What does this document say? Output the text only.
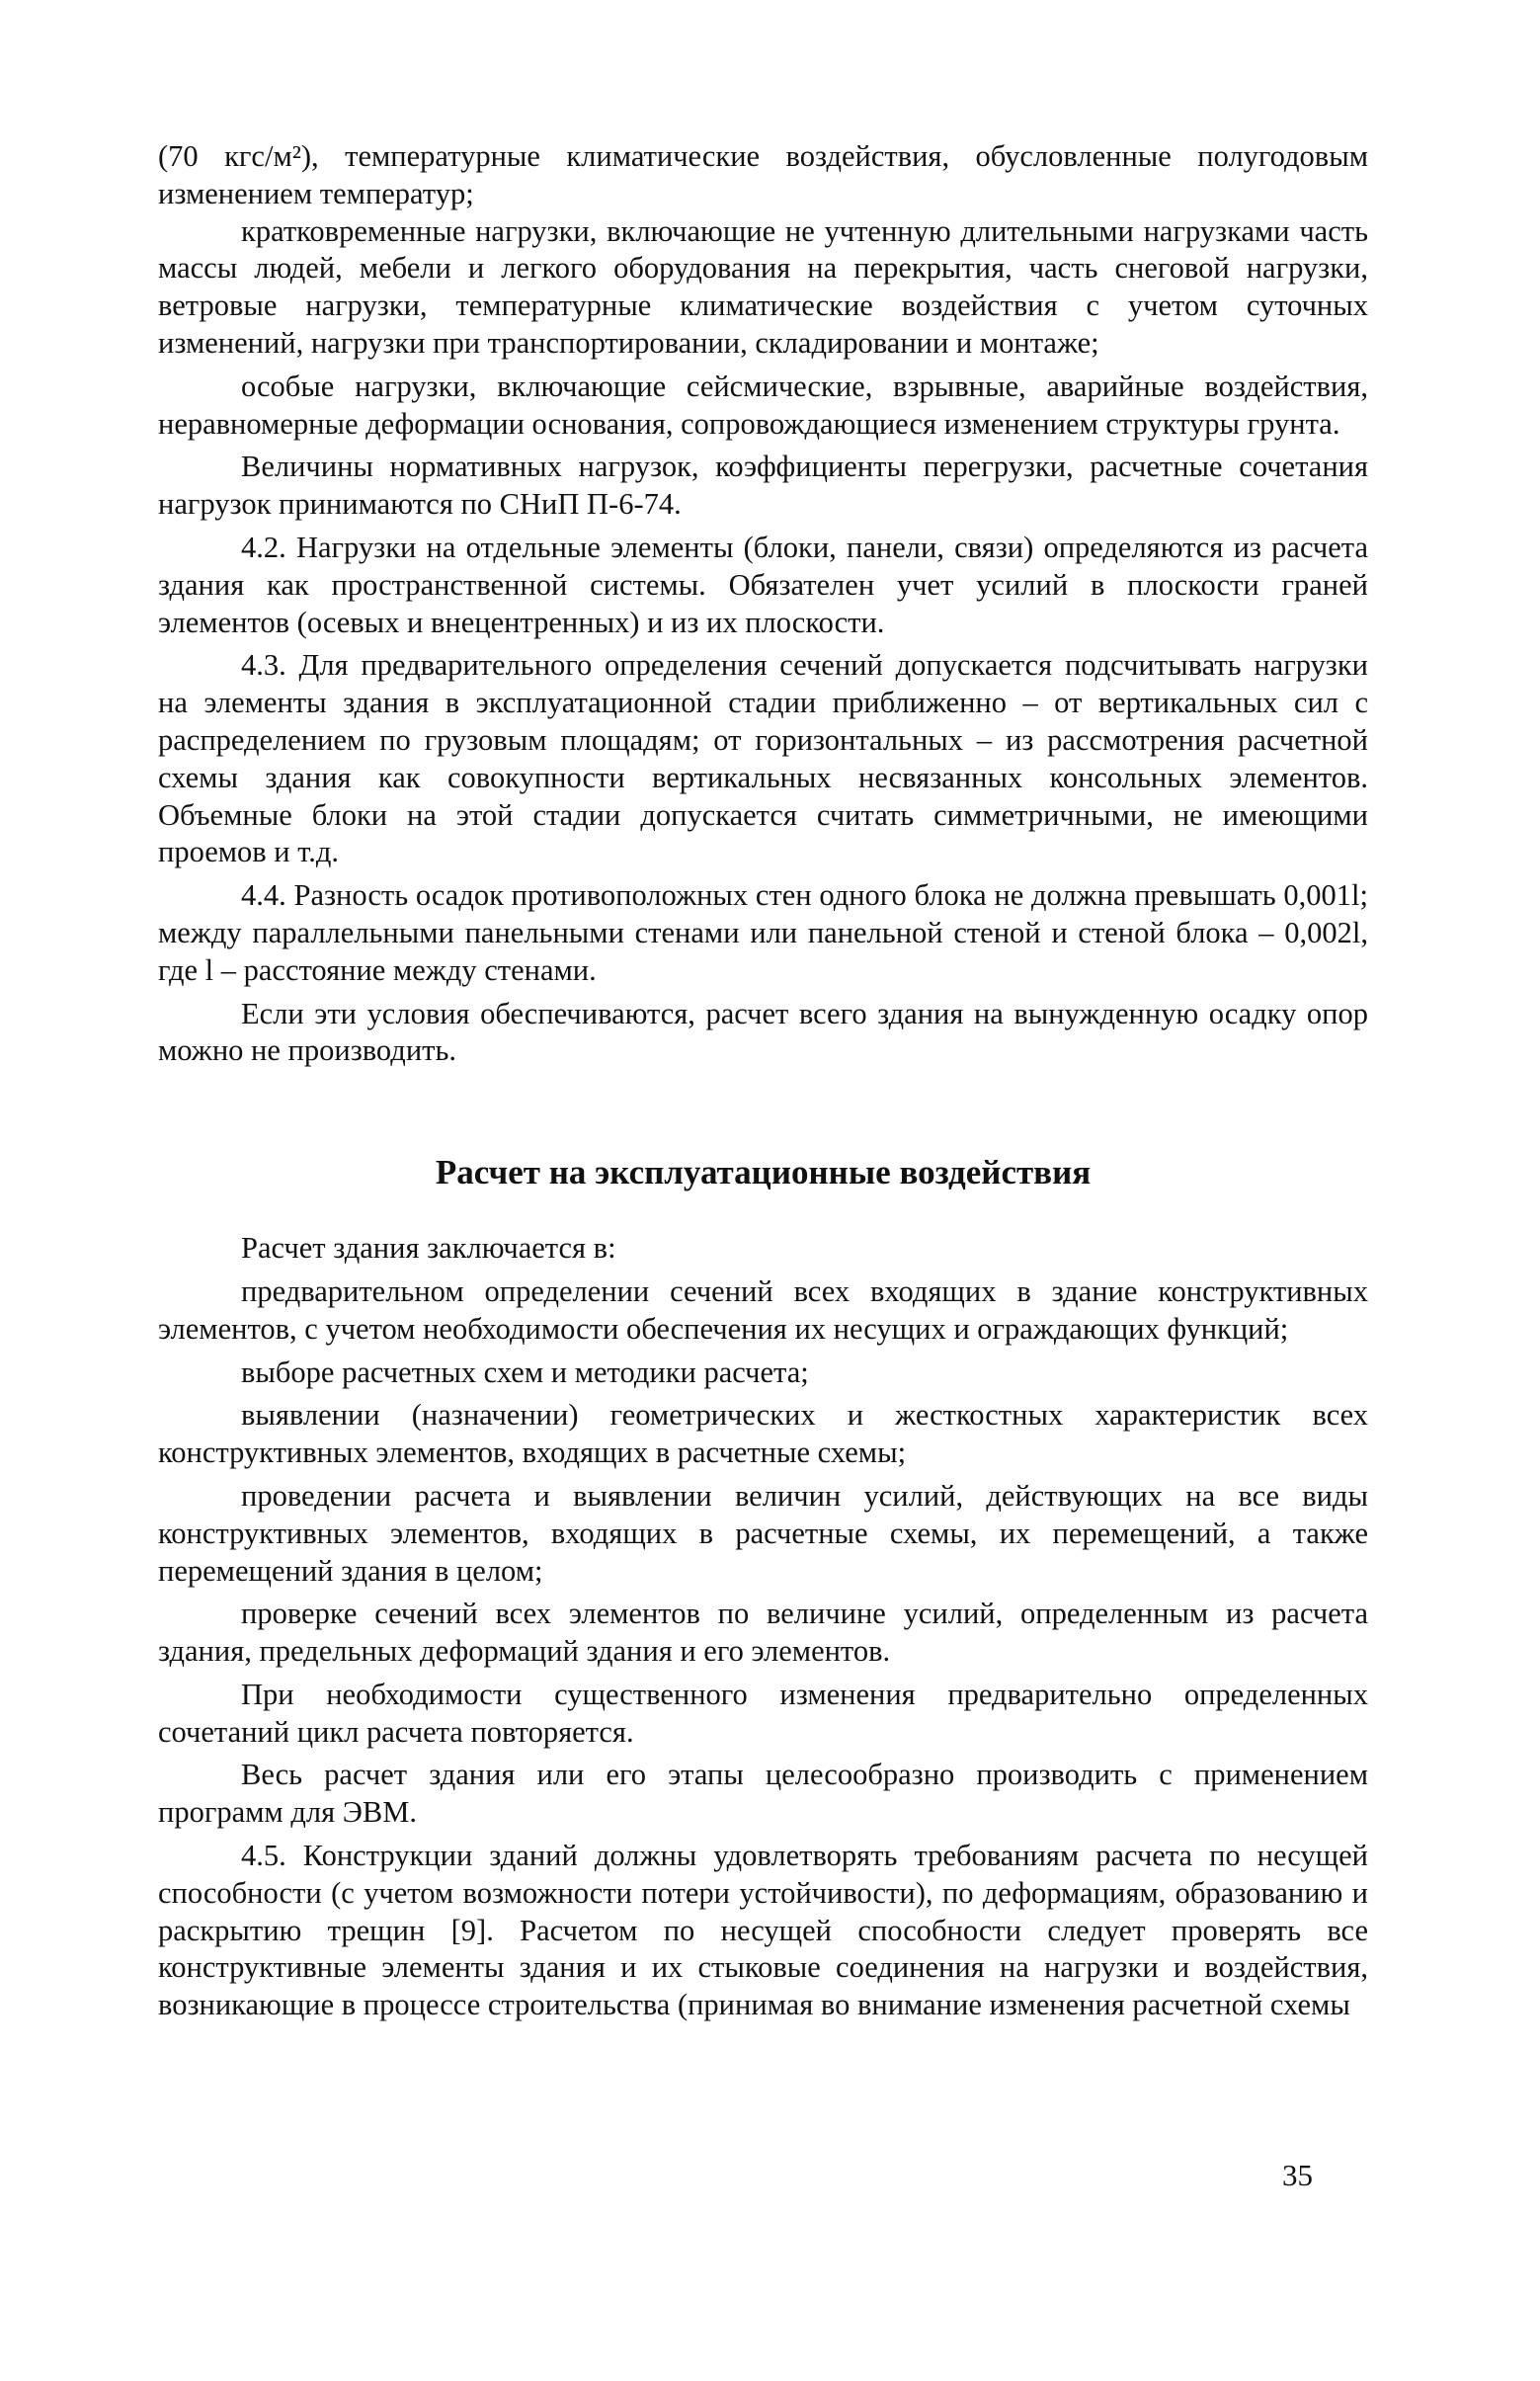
(70 кгс/м²), температурные климатические воздействия, обусловленные полугодовым изменением температур;

кратковременные нагрузки, включающие не учтенную длительными нагрузками часть массы людей, мебели и легкого оборудования на перекрытия, часть снеговой нагрузки, ветровые нагрузки, температурные климатические воздействия с учетом суточных изменений, нагрузки при транспортировании, складировании и монтаже;

особые нагрузки, включающие сейсмические, взрывные, аварийные воздействия, неравномерные деформации основания, сопровождающиеся изменением структуры грунта.

Величины нормативных нагрузок, коэффициенты перегрузки, расчетные сочетания нагрузок принимаются по СНиП П-6-74.

4.2. Нагрузки на отдельные элементы (блоки, панели, связи) определяются из расчета здания как пространственной системы. Обязателен учет усилий в плоскости граней элементов (осевых и внецентренных) и из их плоскости.

4.3. Для предварительного определения сечений допускается подсчитывать нагрузки на элементы здания в эксплуатационной стадии приближенно – от вертикальных сил с распределением по грузовым площадям; от горизонтальных – из рассмотрения расчетной схемы здания как совокупности вертикальных несвязанных консольных элементов. Объемные блоки на этой стадии допускается считать симметричными, не имеющими проемов и т.д.

4.4. Разность осадок противоположных стен одного блока не должна превышать 0,001l; между параллельными панельными стенами или панельной стеной и стеной блока – 0,002l, где l – расстояние между стенами.

Если эти условия обеспечиваются, расчет всего здания на вынужденную осадку опор можно не производить.

Расчет на эксплуатационные воздействия

Расчет здания заключается в:

предварительном определении сечений всех входящих в здание конструктивных элементов, с учетом необходимости обеспечения их несущих и ограждающих функций;

выборе расчетных схем и методики расчета;

выявлении (назначении) геометрических и жесткостных характеристик всех конструктивных элементов, входящих в расчетные схемы;

проведении расчета и выявлении величин усилий, действующих на все виды конструктивных элементов, входящих в расчетные схемы, их перемещений, а также перемещений здания в целом;

проверке сечений всех элементов по величине усилий, определенным из расчета здания, предельных деформаций здания и его элементов.

При необходимости существенного изменения предварительно определенных сочетаний цикл расчета повторяется.

Весь расчет здания или его этапы целесообразно производить с применением программ для ЭВМ.

4.5. Конструкции зданий должны удовлетворять требованиям расчета по несущей способности (с учетом возможности потери устойчивости), по деформациям, образованию и раскрытию трещин [9]. Расчетом по несущей способности следует проверять все конструктивные элементы здания и их стыковые соединения на нагрузки и воздействия, возникающие в процессе строительства (принимая во внимание изменения расчетной схемы

35
